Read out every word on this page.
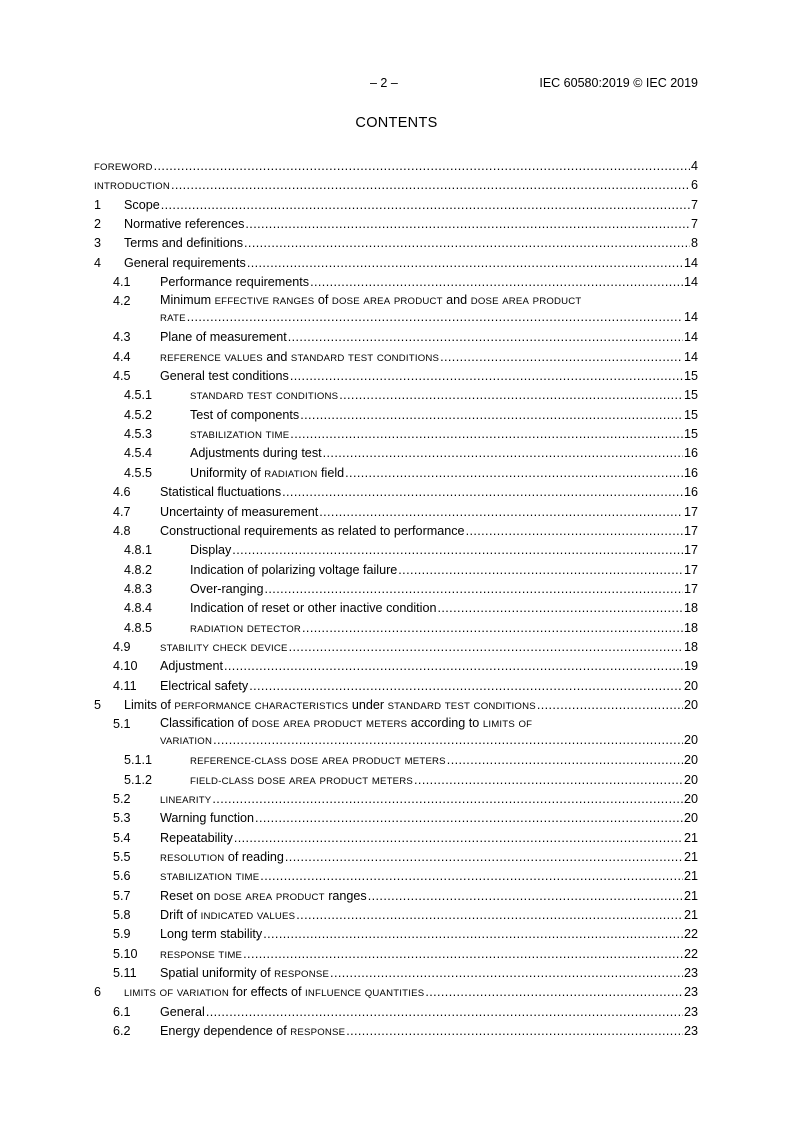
– 2 –	IEC 60580:2019 © IEC 2019
CONTENTS
FOREWORD .....	4
INTRODUCTION .....	6
1 Scope .....	7
2 Normative references .....	7
3 Terms and definitions .....	8
4 General requirements .....	14
4.1 Performance requirements .....	14
4.2 Minimum EFFECTIVE RANGES of DOSE AREA PRODUCT and DOSE AREA PRODUCT
RATE .....	14
4.3 Plane of measurement .....	14
4.4	REFERENCE VALUES and STANDARD TEST CONDITIONS .....	14
4.5 General test conditions .....	15
4.5.1	STANDARD TEST CONDITIONS .....	15
4.5.2	Test of components .....	15
4.5.3	STABILIZATION TIME .....	15
4.5.4	Adjustments during test .....	16
4.5.5	Uniformity of RADIATION field .....	16
4.6 Statistical fluctuations .....	16
4.7 Uncertainty of measurement .....	17
4.8 Constructional requirements as related to performance .....	17
4.8.1	Display .....	17
4.8.2	Indication of polarizing voltage failure .....	17
4.8.3	Over-ranging .....	17
4.8.4	Indication of reset or other inactive condition .....	18
4.8.5	RADIATION DETECTOR .....	18
4.9	STABILITY CHECK DEVICE .....	18
4.10 Adjustment .....	19
4.11 Electrical safety .....	20
5 Limits of PERFORMANCE CHARACTERISTICS under STANDARD TEST CONDITIONS .....	20
5.1 Classification of DOSE AREA PRODUCT METERS according to LIMITS OF
VARIATION .....	20
5.1.1	REFERENCE-CLASS DOSE AREA PRODUCT METERS .....	20
5.1.2	FIELD-CLASS DOSE AREA PRODUCT METERS .....	20
5.2	LINEARITY .....	20
5.3 Warning function .....	20
5.4 Repeatability .....	21
5.5	RESOLUTION of reading .....	21
5.6	STABILIZATION TIME .....	21
5.7 Reset on DOSE AREA PRODUCT ranges .....	21
5.8 Drift of INDICATED VALUES .....	21
5.9 Long term stability .....	22
5.10 RESPONSE TIME .....	22
5.11 Spatial uniformity of RESPONSE .....	23
6 LIMITS OF VARIATION for effects of INFLUENCE QUANTITIES .....	23
6.1 General .....	23
6.2 Energy dependence of RESPONSE .....	23
